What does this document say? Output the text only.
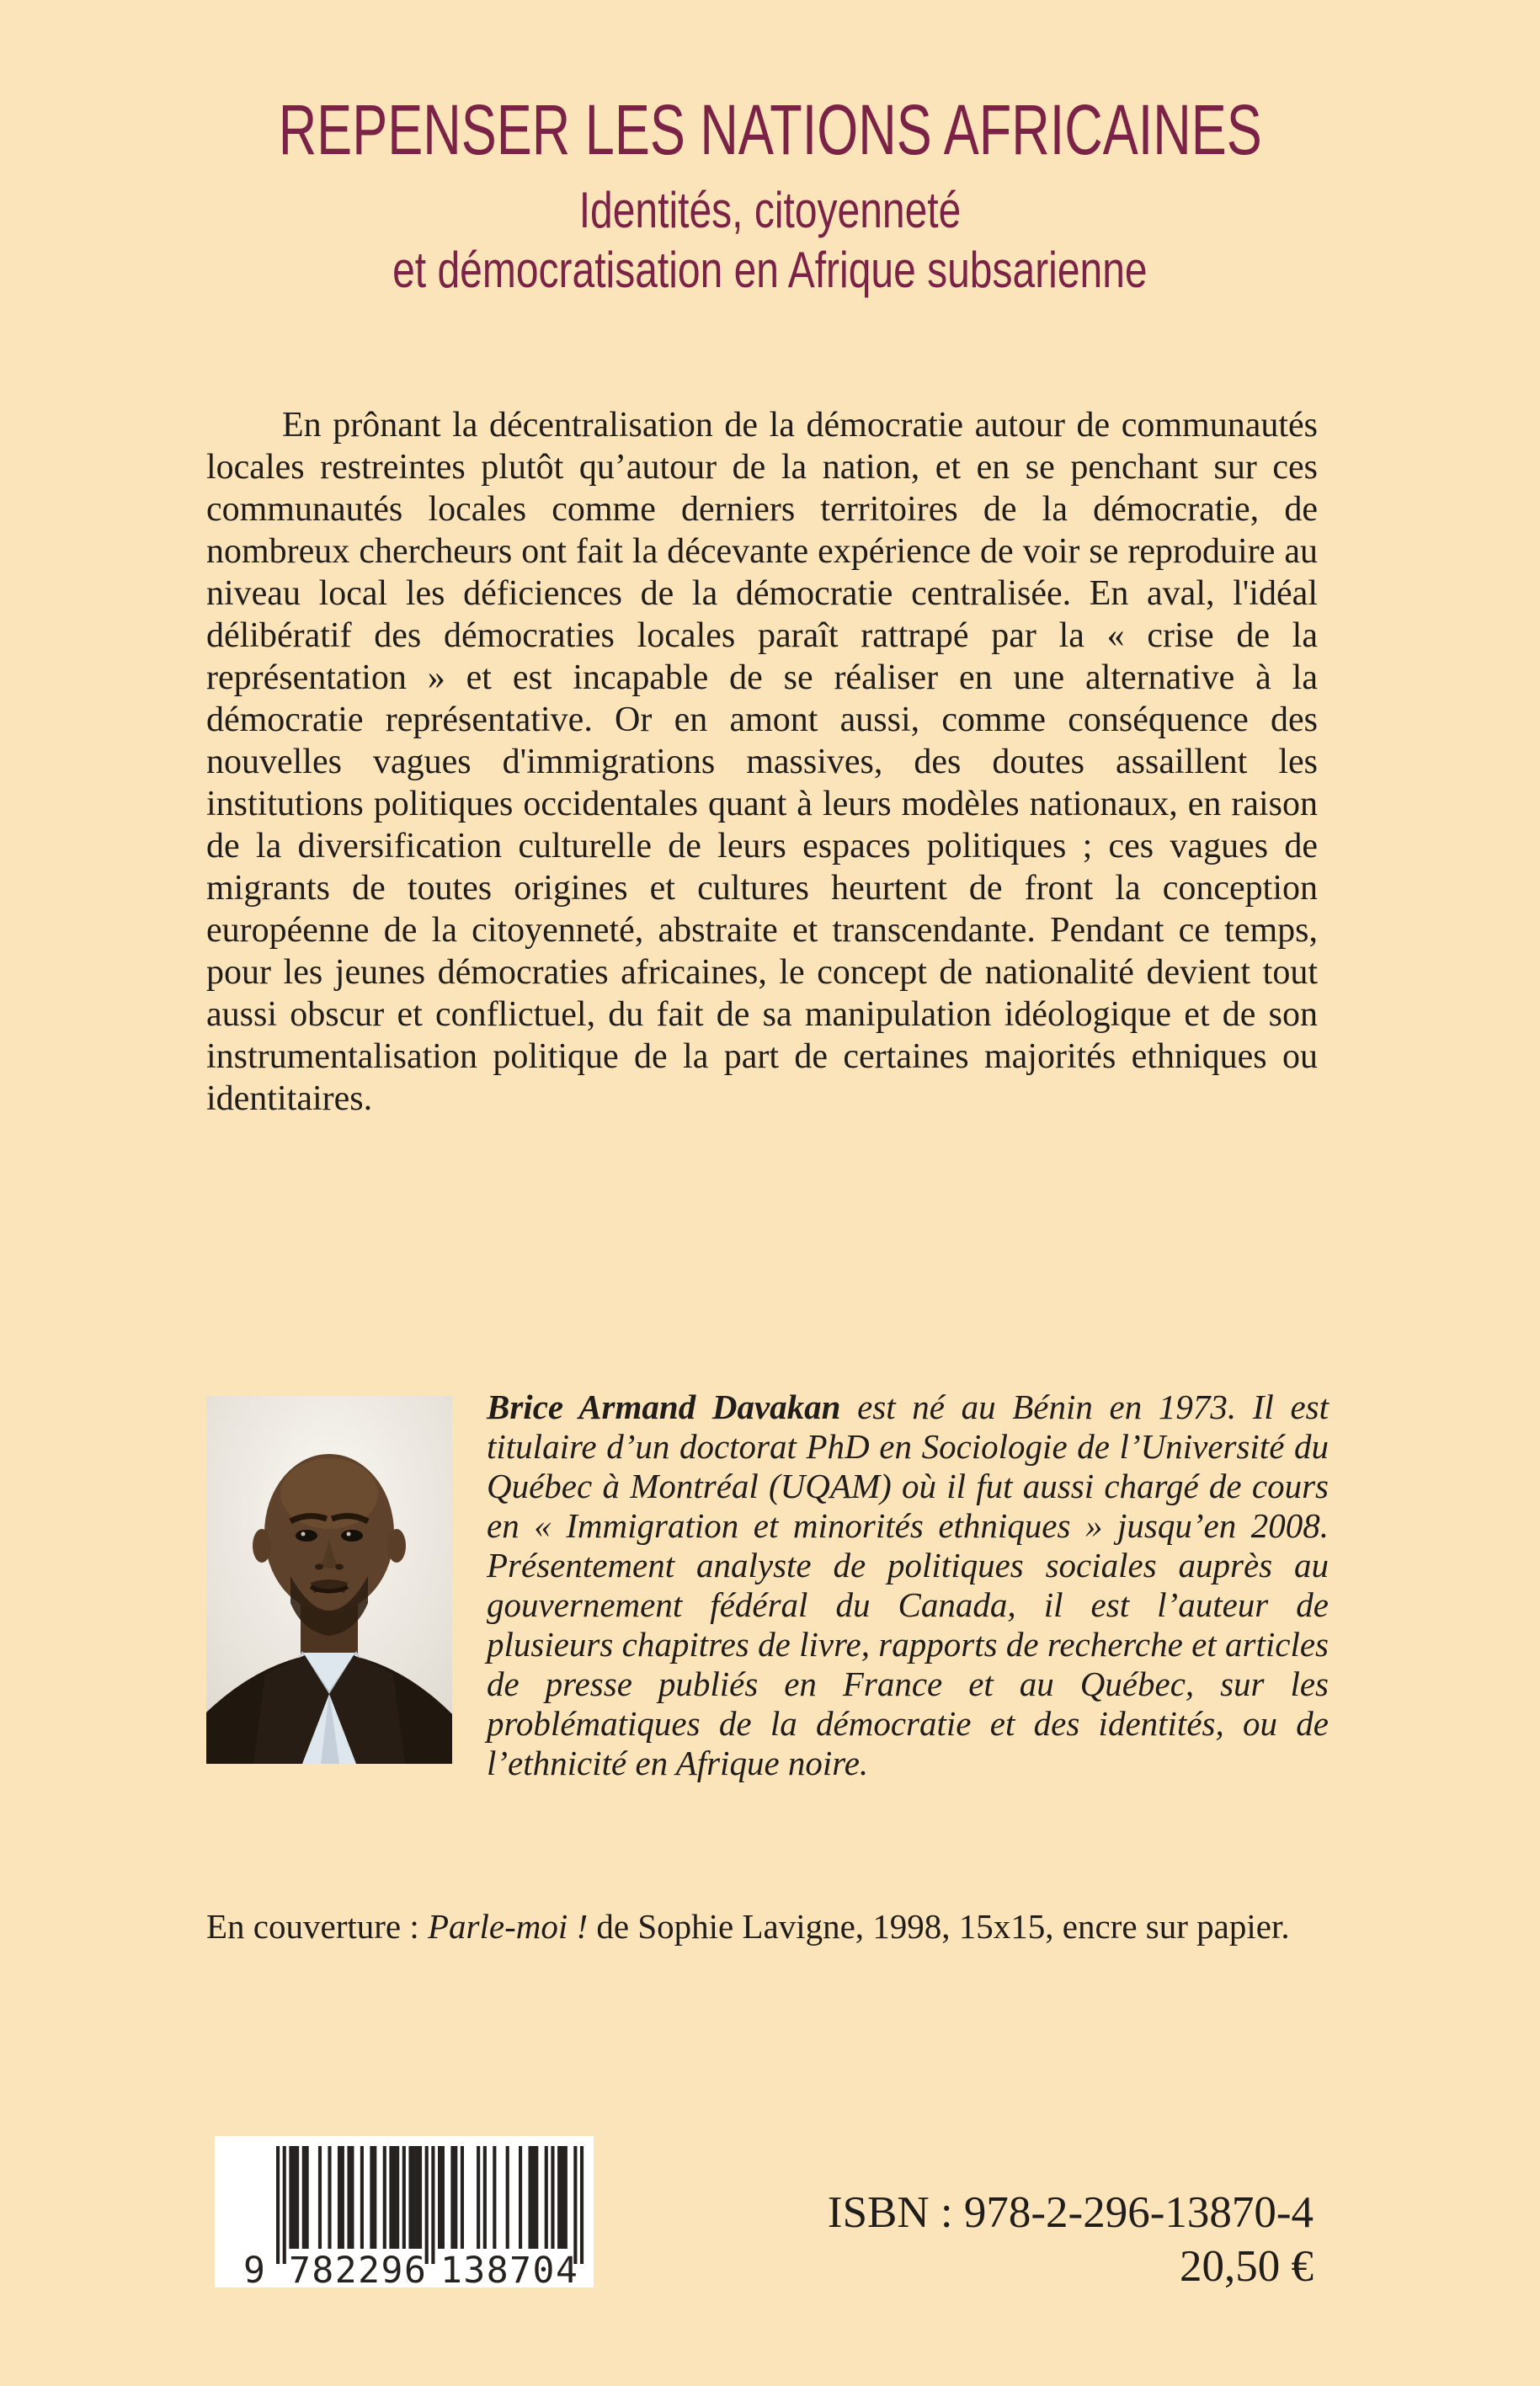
REPENSER LES NATIONS AFRICAINES
Identités, citoyenneté
et démocratisation en Afrique subsarienne

En prônant la décentralisation de la démocratie autour de communautés locales restreintes plutôt qu’autour de la nation, et en se penchant sur ces communautés locales comme derniers territoires de la démocratie, de nombreux chercheurs ont fait la décevante expérience de voir se reproduire au niveau local les déficiences de la démocratie centralisée. En aval, l'idéal délibératif des démocraties locales paraît rattrapé par la « crise de la représentation » et est incapable de se réaliser en une alternative à la démocratie représentative. Or en amont aussi, comme conséquence des nouvelles vagues d'immigrations massives, des doutes assaillent les institutions politiques occidentales quant à leurs modèles nationaux, en raison de la diversification culturelle de leurs espaces politiques ; ces vagues de migrants de toutes origines et cultures heurtent de front la conception européenne de la citoyenneté, abstraite et transcendante. Pendant ce temps, pour les jeunes démocraties africaines, le concept de nationalité devient tout aussi obscur et conflictuel, du fait de sa manipulation idéologique et de son instrumentalisation politique de la part de certaines majorités ethniques ou identitaires.

Brice Armand Davakan est né au Bénin en 1973. Il est titulaire d’un doctorat PhD en Sociologie de l’Université du Québec à Montréal (UQAM) où il fut aussi chargé de cours en « Immigration et minorités ethniques » jusqu’en 2008. Présentement analyste de politiques sociales auprès au gouvernement fédéral du Canada, il est l’auteur de plusieurs chapitres de livre, rapports de recherche et articles de presse publiés en France et au Québec, sur les problématiques de la démocratie et des identités, ou de l’ethnicité en Afrique noire.

En couverture : Parle-moi ! de Sophie Lavigne, 1998, 15x15, encre sur papier.

9 782296 138704
ISBN : 978-2-296-13870-4
20,50 €
